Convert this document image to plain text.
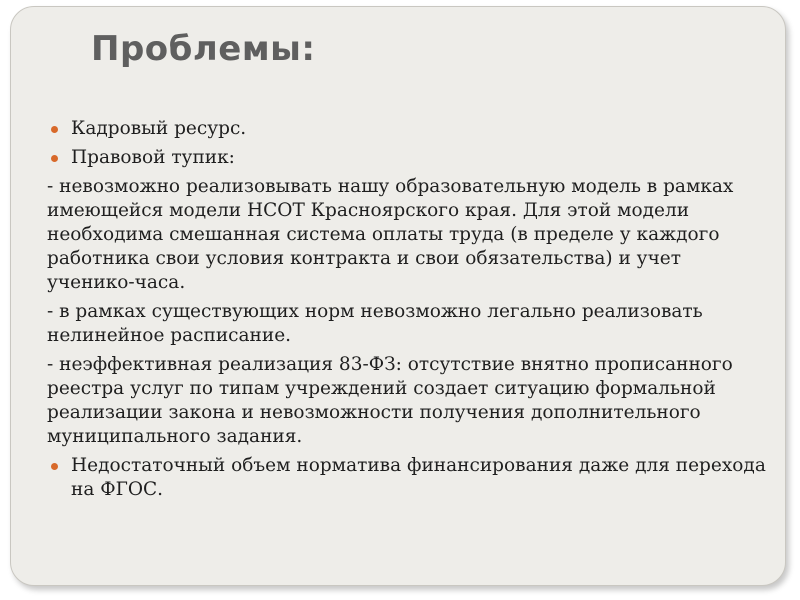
Проблемы:

Кадровый ресурс.

Правовой тупик:

- невозможно реализовывать нашу образовательную модель в рамках имеющейся модели НСОТ Красноярского края. Для этой модели необходима смешанная система оплаты труда (в пределе у каждого работника свои условия контракта и свои обязательства) и учет ученико-часа.

- в рамках существующих норм невозможно легально реализовать нелинейное расписание.

- неэффективная реализация 83-ФЗ: отсутствие внятно прописанного реестра услуг по типам учреждений создает ситуацию формальной реализации закона и невозможности получения дополнительного муниципального задания.

Недостаточный объем норматива финансирования даже для перехода на ФГОС.
